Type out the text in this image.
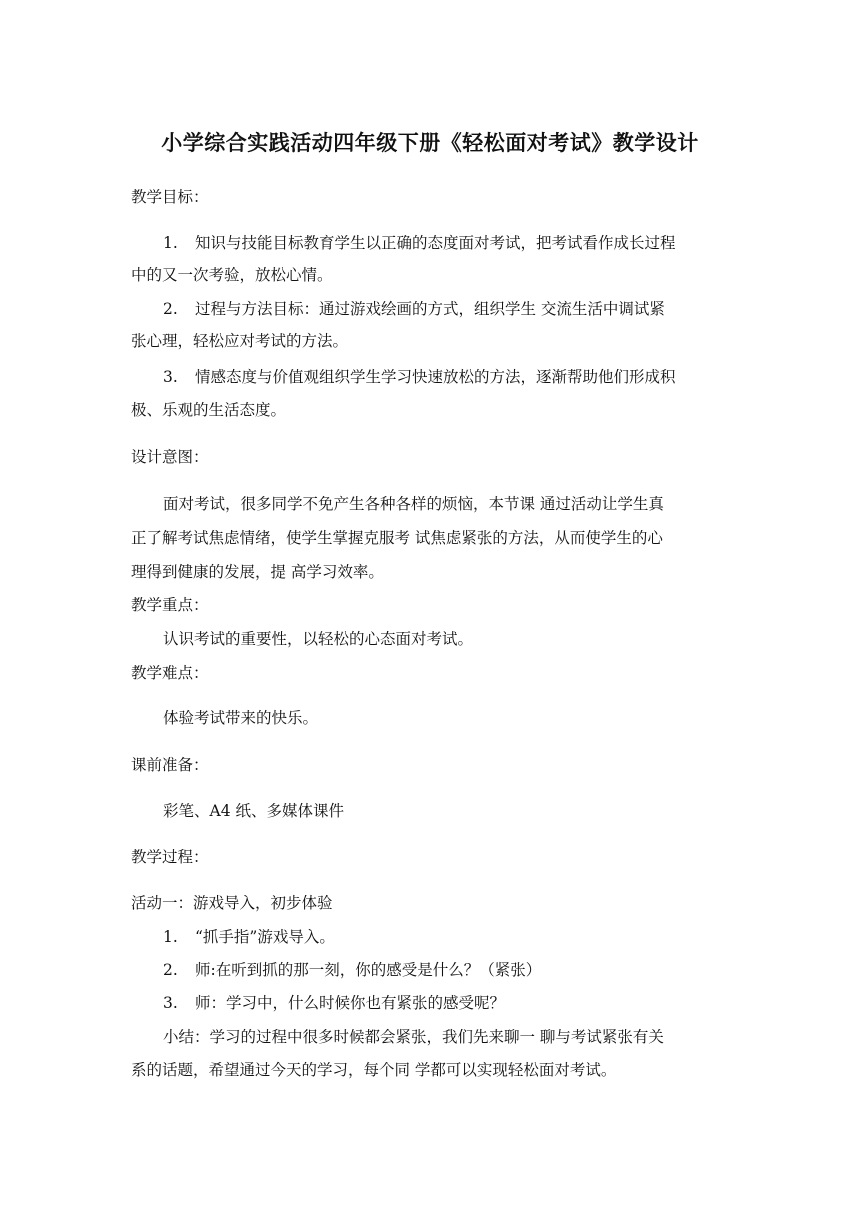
小学综合实践活动四年级下册《轻松面对考试》教学设计
教学目标：
1. 知识与技能目标教育学生以正确的态度面对考试，把考试看作成长过程
中的又一次考验，放松心情。
2. 过程与方法目标：通过游戏绘画的方式，组织学生 交流生活中调试紧
张心理，轻松应对考试的方法。
3. 情感态度与价值观组织学生学习快速放松的方法，逐渐帮助他们形成积
极、乐观的生活态度。
设计意图：
面对考试，很多同学不免产生各种各样的烦恼，本节课 通过活动让学生真
正了解考试焦虑情绪，使学生掌握克服考 试焦虑紧张的方法，从而使学生的心
理得到健康的发展，提 高学习效率。
教学重点：
认识考试的重要性，以轻松的心态面对考试。
教学难点：
体验考试带来的快乐。
课前准备：
彩笔、A4 纸、多媒体课件
教学过程：
活动一：游戏导入，初步体验
1. “抓手指”游戏导入。
2. 师:在听到抓的那一刻，你的感受是什么？（紧张）
3. 师：学习中，什么时候你也有紧张的感受呢？
小结：学习的过程中很多时候都会紧张，我们先来聊一 聊与考试紧张有关
系的话题，希望通过今天的学习，每个同 学都可以实现轻松面对考试。
